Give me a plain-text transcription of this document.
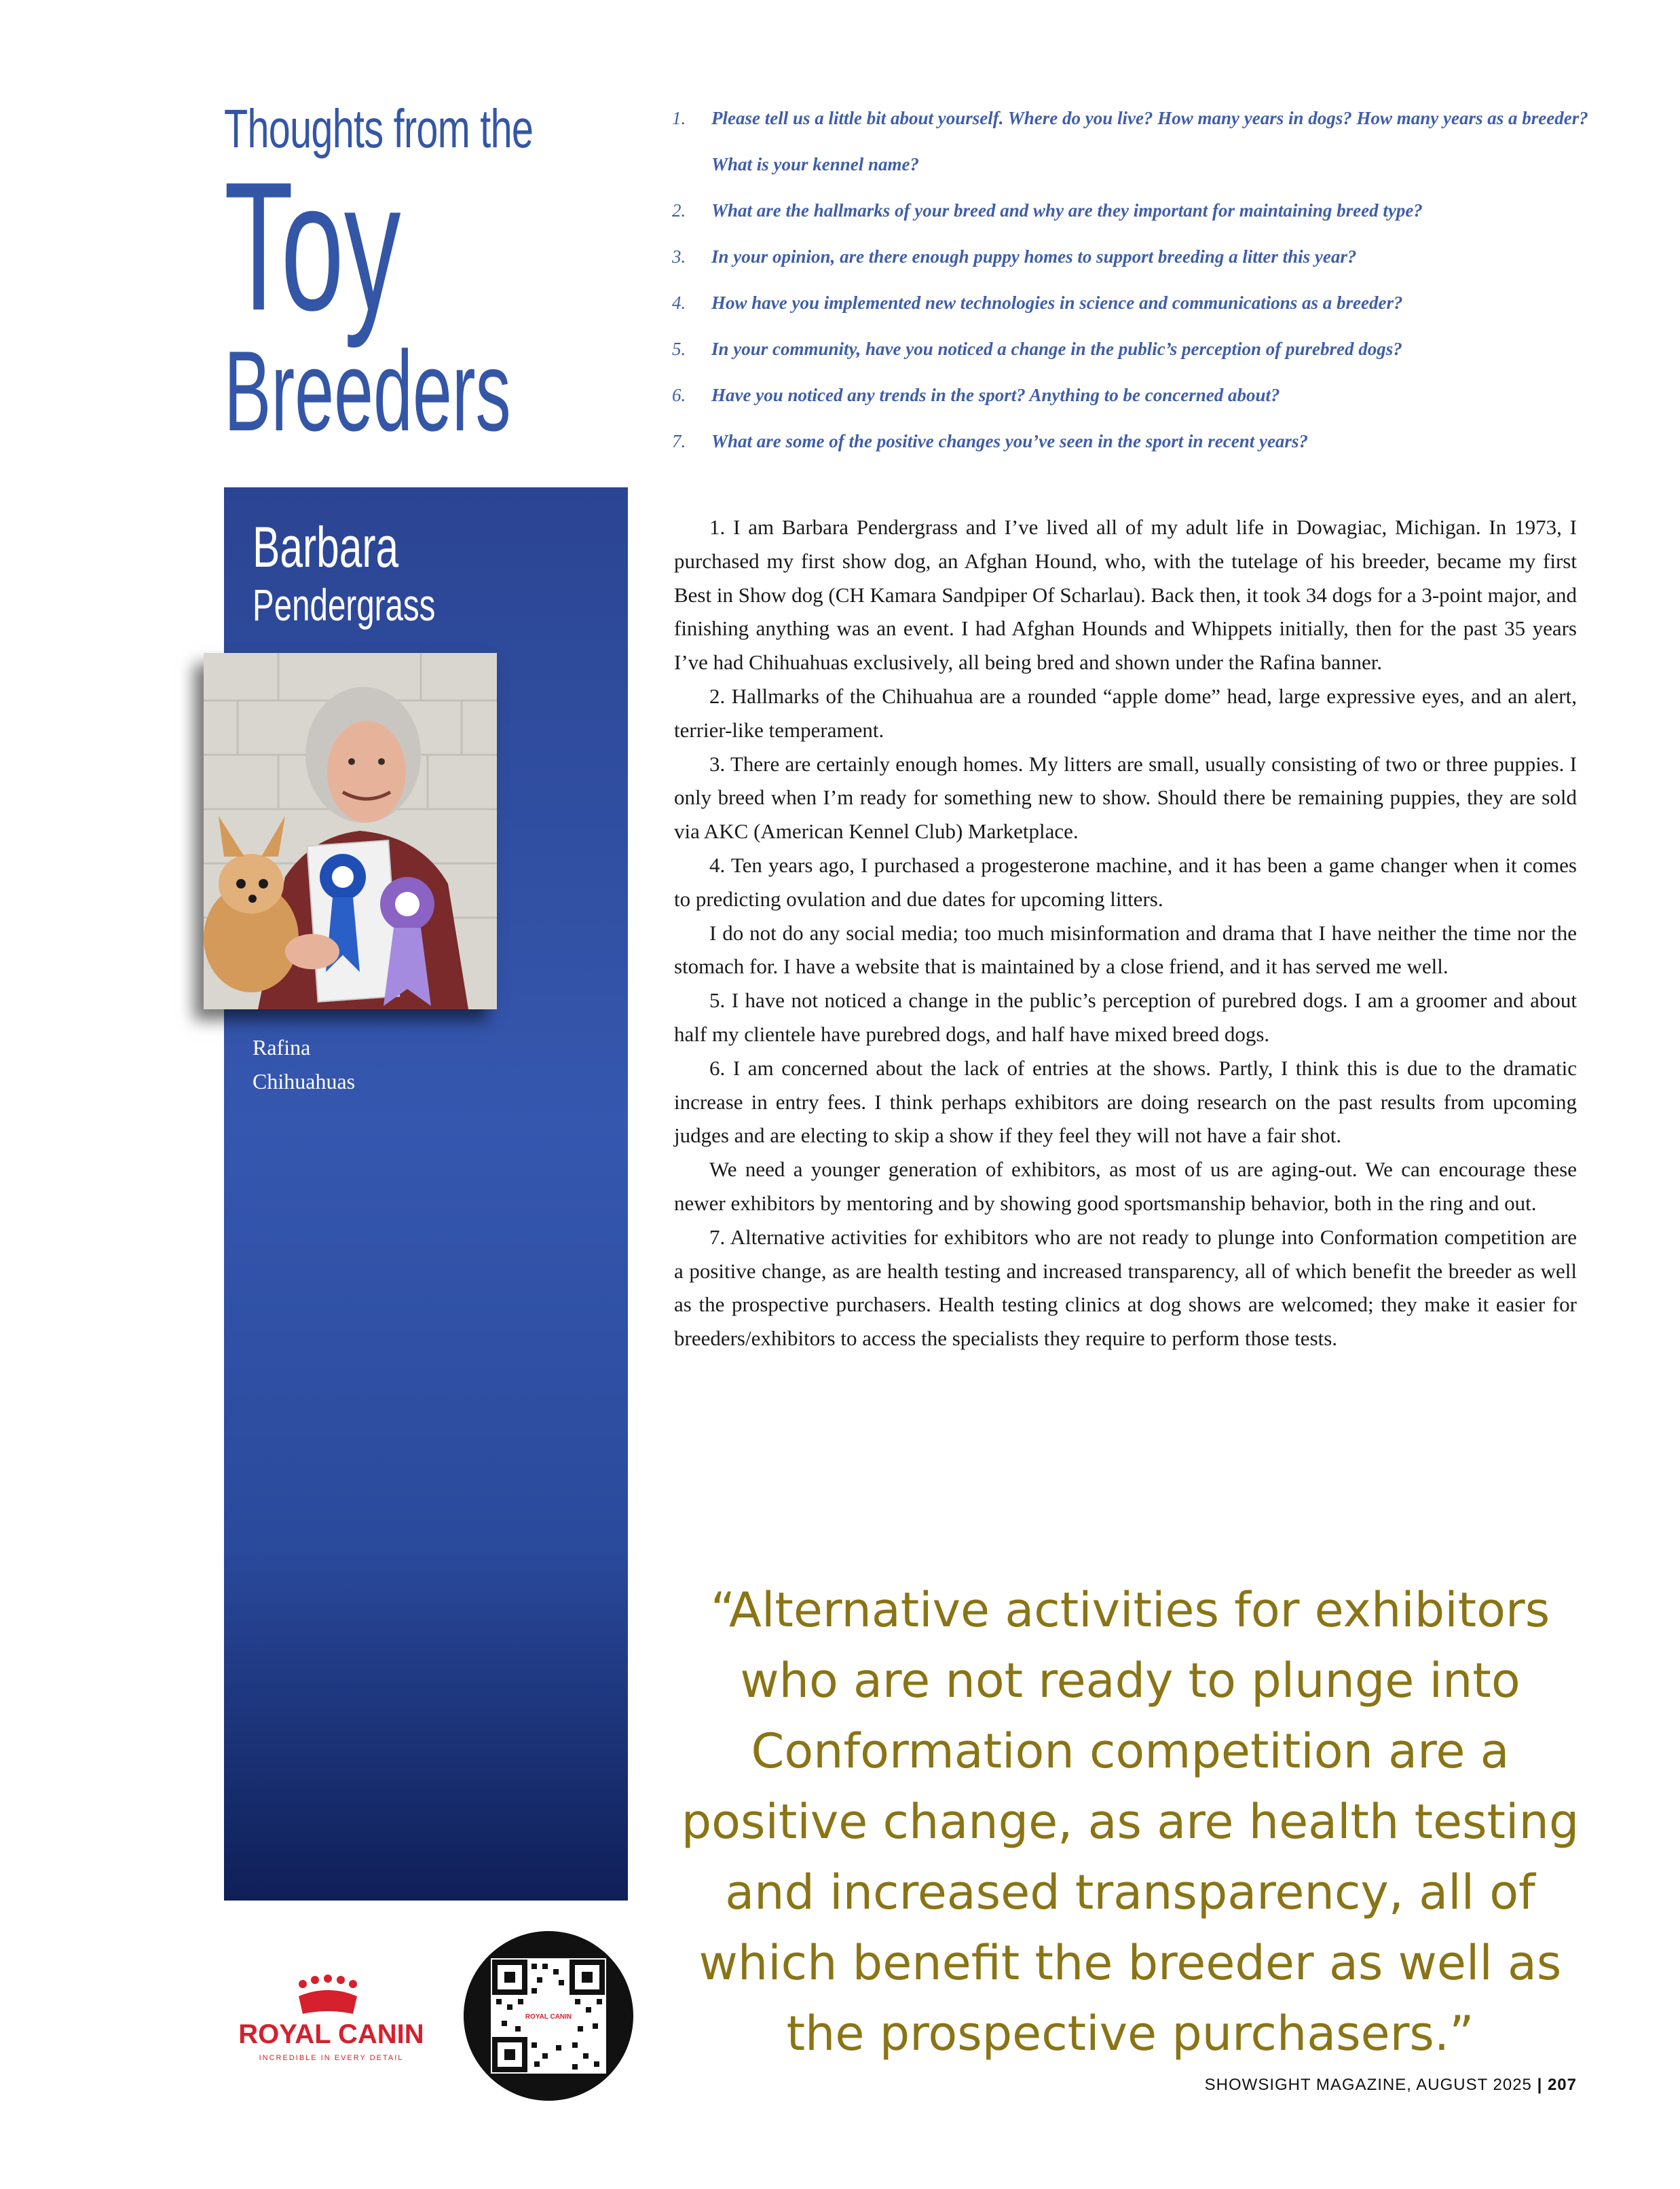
Thoughts from the
Toy
Breeders
1. Please tell us a little bit about yourself. Where do you live? How many years in dogs? How many years as a breeder? What is your kennel name?
2. What are the hallmarks of your breed and why are they important for maintaining breed type?
3. In your opinion, are there enough puppy homes to support breeding a litter this year?
4. How have you implemented new technologies in science and communications as a breeder?
5. In your community, have you noticed a change in the public’s perception of purebred dogs?
6. Have you noticed any trends in the sport? Anything to be concerned about?
7. What are some of the positive changes you’ve seen in the sport in recent years?
Barbara
Pendergrass
Rafina
Chihuahuas

1. I am Barbara Pendergrass and I’ve lived all of my adult life in Dowagiac, Michigan. In 1973, I purchased my first show dog, an Afghan Hound, who, with the tutelage of his breeder, became my first Best in Show dog (CH Kamara Sandpiper Of Scharlau). Back then, it took 34 dogs for a 3-point major, and finishing anything was an event. I had Afghan Hounds and Whippets initially, then for the past 35 years I’ve had Chihuahuas exclusively, all being bred and shown under the Rafina banner.

2. Hallmarks of the Chihuahua are a rounded “apple dome” head, large expressive eyes, and an alert, terrier-like temperament.

3. There are certainly enough homes. My litters are small, usually consisting of two or three puppies. I only breed when I’m ready for something new to show. Should there be remaining puppies, they are sold via AKC (American Kennel Club) Marketplace.

4. Ten years ago, I purchased a progesterone machine, and it has been a game changer when it comes to predicting ovulation and due dates for upcoming litters.

I do not do any social media; too much misinformation and drama that I have neither the time nor the stomach for. I have a website that is maintained by a close friend, and it has served me well.

5. I have not noticed a change in the public’s perception of purebred dogs. I am a groomer and about half my clientele have purebred dogs, and half have mixed breed dogs.

6. I am concerned about the lack of entries at the shows. Partly, I think this is due to the dramatic increase in entry fees. I think perhaps exhibitors are doing research on the past results from upcoming judges and are electing to skip a show if they feel they will not have a fair shot.

We need a younger generation of exhibitors, as most of us are aging-out. We can encourage these newer exhibitors by mentoring and by showing good sportsmanship behavior, both in the ring and out.

7. Alternative activities for exhibitors who are not ready to plunge into Conformation competition are a positive change, as are health testing and increased transparency, all of which benefit the breeder as well as the prospective purchasers. Health testing clinics at dog shows are welcomed; they make it easier for breeders/exhibitors to access the specialists they require to perform those tests.

“Alternative activities for exhibitors who are not ready to plunge into Conformation competition are a positive change, as are health testing and increased transparency, all of which benefit the breeder as well as the prospective purchasers.”
ROYAL CANIN
INCREDIBLE IN EVERY DETAIL
ROYAL CANIN
SHOWSIGHT MAGAZINE, AUGUST 2025 | 207
